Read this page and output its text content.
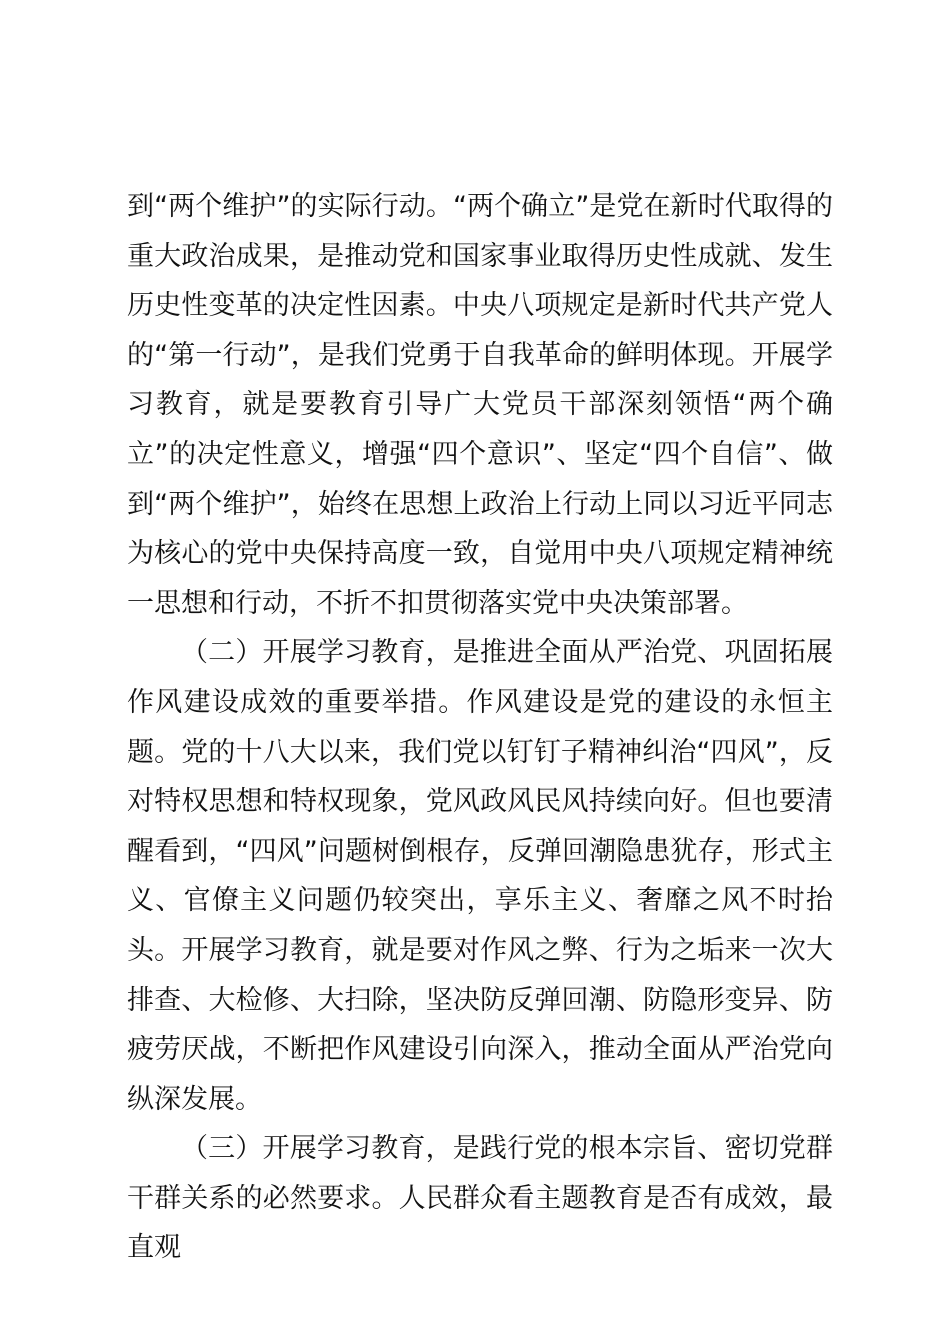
到“两个维护”的实际行动。“两个确立”是党在新时代取得的重大政治成果，是推动党和国家事业取得历史性成就、发生历史性变革的决定性因素。中央八项规定是新时代共产党人的“第一行动”，是我们党勇于自我革命的鲜明体现。开展学习教育，就是要教育引导广大党员干部深刻领悟“两个确立”的决定性意义，增强“四个意识”、坚定“四个自信”、做到“两个维护”，始终在思想上政治上行动上同以习近平同志为核心的党中央保持高度一致，自觉用中央八项规定精神统一思想和行动，不折不扣贯彻落实党中央决策部署。

（二）开展学习教育，是推进全面从严治党、巩固拓展作风建设成效的重要举措。作风建设是党的建设的永恒主题。党的十八大以来，我们党以钉钉子精神纠治“四风”，反对特权思想和特权现象，党风政风民风持续向好。但也要清醒看到，“四风”问题树倒根存，反弹回潮隐患犹存，形式主义、官僚主义问题仍较突出，享乐主义、奢靡之风不时抬头。开展学习教育，就是要对作风之弊、行为之垢来一次大排查、大检修、大扫除，坚决防反弹回潮、防隐形变异、防疲劳厌战，不断把作风建设引向深入，推动全面从严治党向纵深发展。

（三）开展学习教育，是践行党的根本宗旨、密切党群干群关系的必然要求。人民群众看主题教育是否有成效，最直观
